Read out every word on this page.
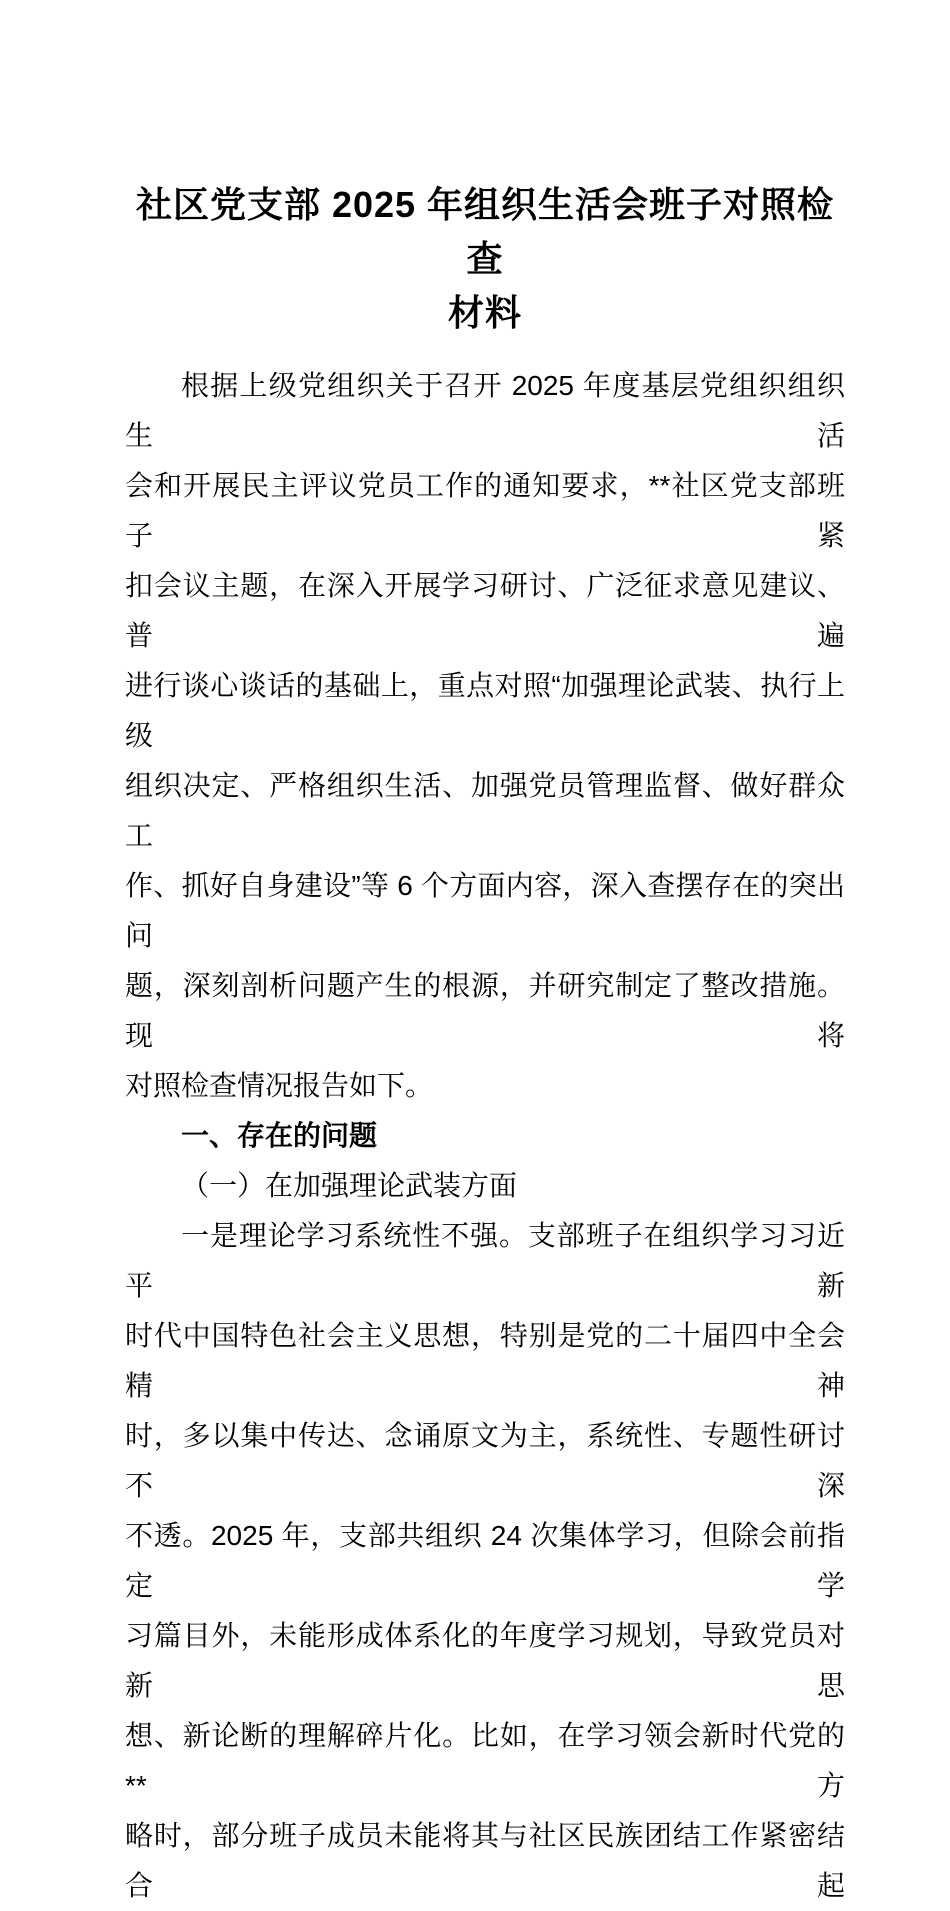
社区党支部 2025 年组织生活会班子对照检查
材料
根据上级党组织关于召开 2025 年度基层党组织组织生活
会和开展民主评议党员工作的通知要求，**社区党支部班子紧
扣会议主题，在深入开展学习研讨、广泛征求意见建议、普遍
进行谈心谈话的基础上，重点对照“加强理论武装、执行上级
组织决定、严格组织生活、加强党员管理监督、做好群众工
作、抓好自身建设”等 6 个方面内容，深入查摆存在的突出问
题，深刻剖析问题产生的根源，并研究制定了整改措施。现将
对照检查情况报告如下。
一、存在的问题
（一）在加强理论武装方面
一是理论学习系统性不强。支部班子在组织学习习近平新
时代中国特色社会主义思想，特别是党的二十届四中全会精神
时，多以集中传达、念诵原文为主，系统性、专题性研讨不深
不透。2025 年，支部共组织 24 次集体学习，但除会前指定学
习篇目外，未能形成体系化的年度学习规划，导致党员对新思
想、新论断的理解碎片化。比如，在学习领会新时代党的**方
略时，部分班子成员未能将其与社区民族团结工作紧密结合起
